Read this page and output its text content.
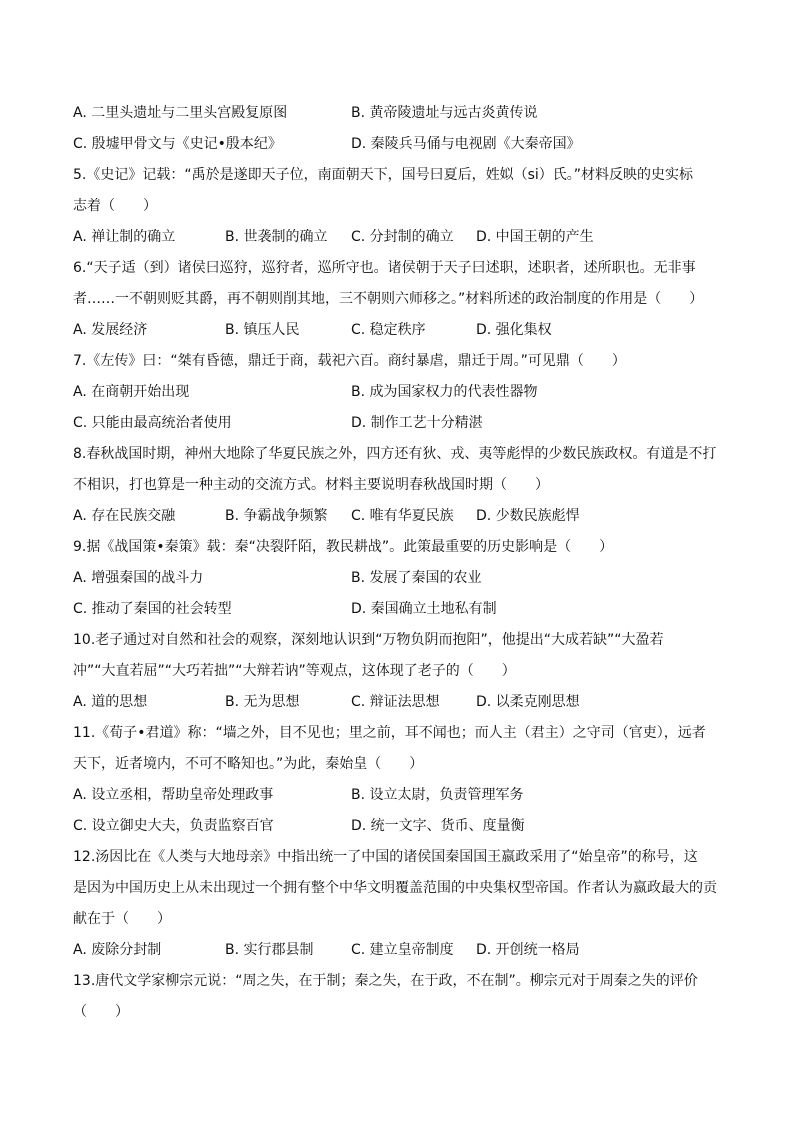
A. 二里头遗址与二里头宫殿复原图	B. 黄帝陵遗址与远古炎黄传说
C. 殷墟甲骨文与《史记•殷本纪》	D. 秦陵兵马俑与电视剧《大秦帝国》
5.《史记》记载：“禹於是遂即天子位，南面朝天下，国号曰夏后，姓姒（si）氏。”材料反映的史实标
志着（　　）
A. 禅让制的确立	B. 世袭制的确立 C. 分封制的确立 D. 中国王朝的产生
6.“天子适（到）诸侯曰巡狩，巡狩者，巡所守也。诸侯朝于天子曰述职，述职者，述所职也。无非事
者……一不朝则贬其爵，再不朝则削其地，三不朝则六师移之。”材料所述的政治制度的作用是（　　）
A. 发展经济	B. 镇压人民	C. 稳定秩序	D. 强化集权
7.《左传》曰：“桀有昏德，鼎迁于商，载祀六百。商纣暴虐，鼎迁于周。”可见鼎（　　）
A. 在商朝开始出现	B. 成为国家权力的代表性器物
C. 只能由最高统治者使用	D. 制作工艺十分精湛
8.春秋战国时期，神州大地除了华夏民族之外，四方还有狄、戎、夷等彪悍的少数民族政权。有道是不打
不相识，打也算是一种主动的交流方式。材料主要说明春秋战国时期（　　）
A. 存在民族交融	B. 争霸战争频繁 C. 唯有华夏民族 D. 少数民族彪悍
9.据《战国策•秦策》载：秦“决裂阡陌，教民耕战”。此策最重要的历史影响是（　　）
A. 增强秦国的战斗力	B. 发展了秦国的农业
C. 推动了秦国的社会转型	D. 秦国确立土地私有制
10.老子通过对自然和社会的观察，深刻地认识到“万物负阴而抱阳”，他提出“大成若缺”“大盈若
冲”“大直若屈”“大巧若拙”“大辩若讷”等观点，这体现了老子的（　　）
A. 道的思想	B. 无为思想	C. 辩证法思想	D. 以柔克刚思想
11.《荀子•君道》称：“墙之外，目不见也；里之前，耳不闻也；而人主（君主）之守司（官吏），远者
天下，近者境内，不可不略知也。”为此，秦始皇（　　）
A. 设立丞相，帮助皇帝处理政事	B. 设立太尉，负责管理军务
C. 设立御史大夫，负责监察百官	D. 统一文字、货币、度量衡
12.汤因比在《人类与大地母亲》中指出统一了中国的诸侯国秦国国王嬴政采用了“始皇帝”的称号，这
是因为中国历史上从未出现过一个拥有整个中华文明覆盖范围的中央集权型帝国。作者认为嬴政最大的贡
献在于（　　）
A. 废除分封制	B. 实行郡县制	C. 建立皇帝制度 D. 开创统一格局
13.唐代文学家柳宗元说：“周之失，在于制；秦之失，在于政，不在制”。柳宗元对于周秦之失的评价
（　　）
